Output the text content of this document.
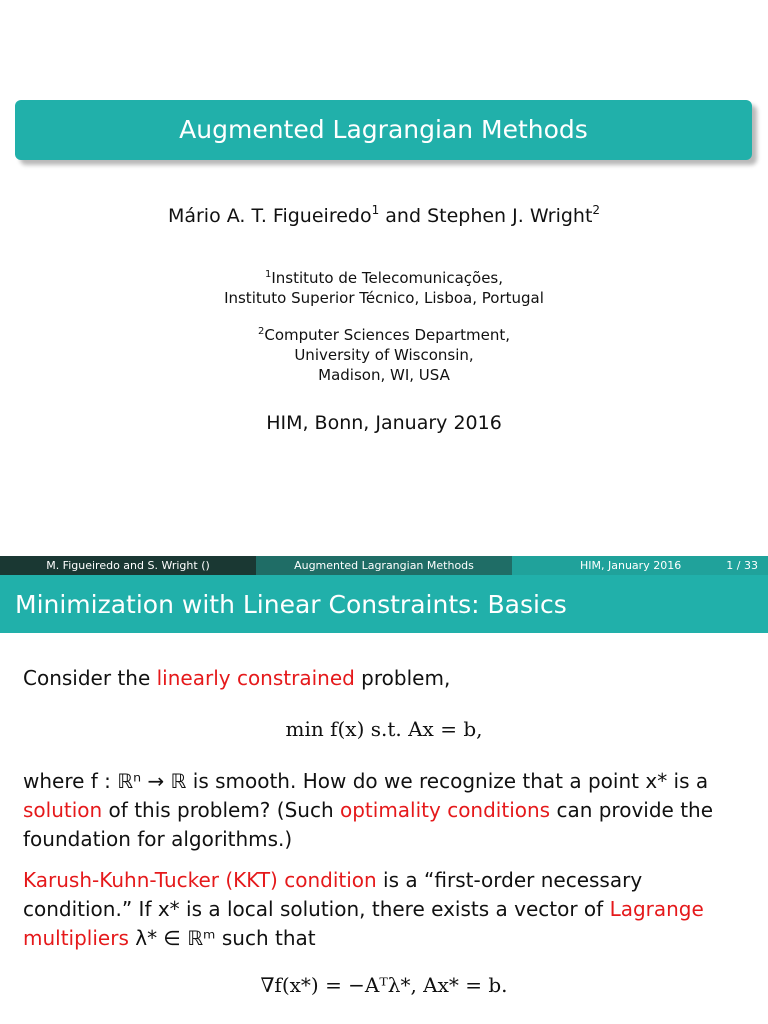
Augmented Lagrangian Methods
Mário A. T. Figueiredo$^1$ and Stephen J. Wright$^2$
$^1$Instituto de Telecomunicações,
Instituto Superior Técnico, Lisboa, Portugal
$^2$Computer Sciences Department,
University of Wisconsin,
Madison, WI, USA
HIM, Bonn, January 2016
M. Figueiredo and S. Wright ()	Augmented Lagrangian Methods	HIM, January 2016	1 / 33
Minimization with Linear Constraints: Basics
Consider the linearly constrained problem,
min f(x) s.t. Ax = b,
where f : ℝⁿ → ℝ is smooth. How do we recognize that a point x* is a solution of this problem? (Such optimality conditions can provide the foundation for algorithms.)
Karush-Kuhn-Tucker (KKT) condition is a “first-order necessary condition.” If x* is a local solution, there exists a vector of Lagrange multipliers λ* ∈ ℝᵐ such that
∇f(x*) = −Aᵀλ*, Ax* = b.
